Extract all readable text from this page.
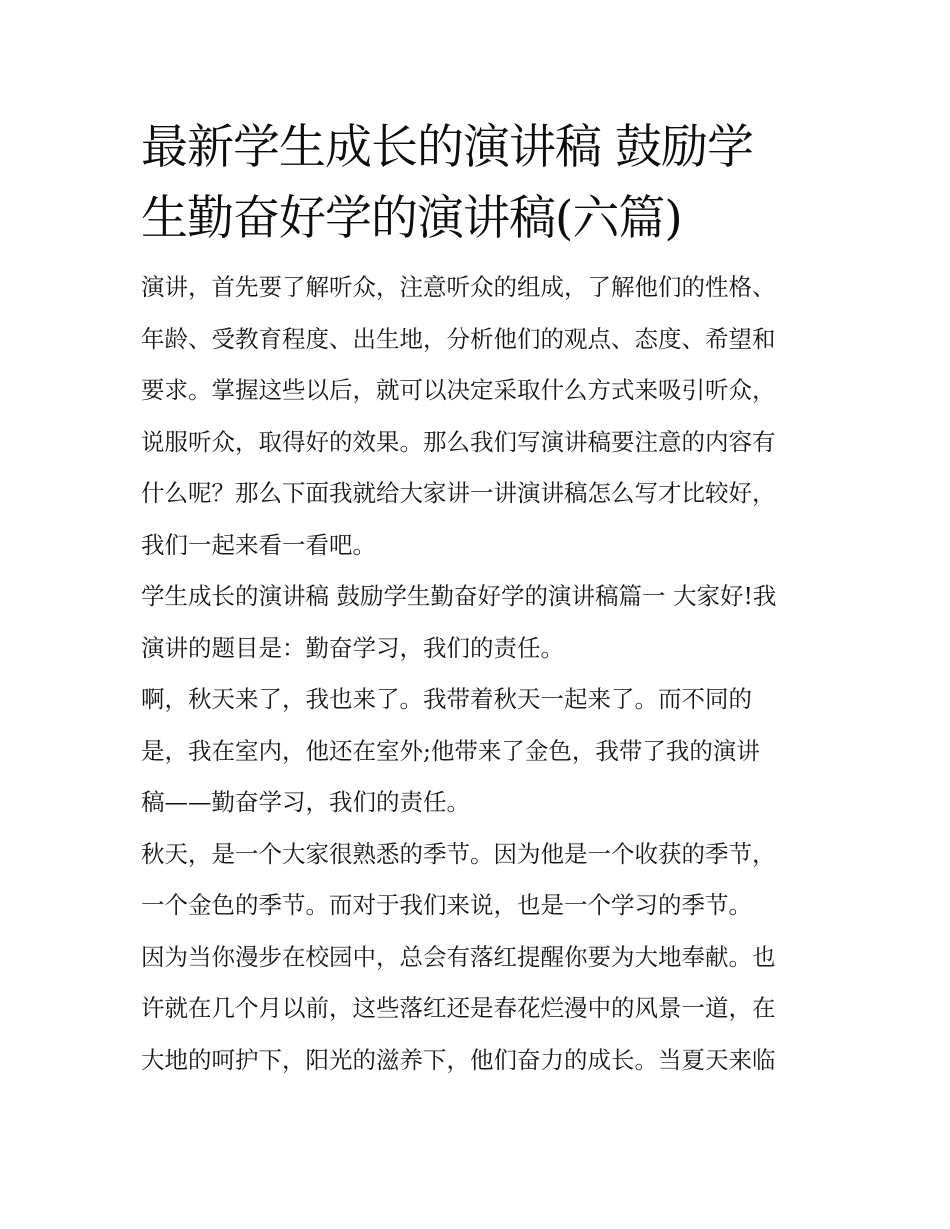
最新学生成长的演讲稿 鼓励学
生勤奋好学的演讲稿(六篇)

演讲，首先要了解听众，注意听众的组成，了解他们的性格、
年龄、受教育程度、出生地，分析他们的观点、态度、希望和
要求。掌握这些以后，就可以决定采取什么方式来吸引听众，
说服听众，取得好的效果。那么我们写演讲稿要注意的内容有
什么呢？那么下面我就给大家讲一讲演讲稿怎么写才比较好，
我们一起来看一看吧。

学生成长的演讲稿 鼓励学生勤奋好学的演讲稿篇一 大家好!我
演讲的题目是：勤奋学习，我们的责任。

啊，秋天来了，我也来了。我带着秋天一起来了。而不同的
是，我在室内，他还在室外;他带来了金色，我带了我的演讲
稿——勤奋学习，我们的责任。

秋天，是一个大家很熟悉的季节。因为他是一个收获的季节，
一个金色的季节。而对于我们来说，也是一个学习的季节。

因为当你漫步在校园中，总会有落红提醒你要为大地奉献。也
许就在几个月以前，这些落红还是春花烂漫中的风景一道，在
大地的呵护下，阳光的滋养下，他们奋力的成长。当夏天来临
